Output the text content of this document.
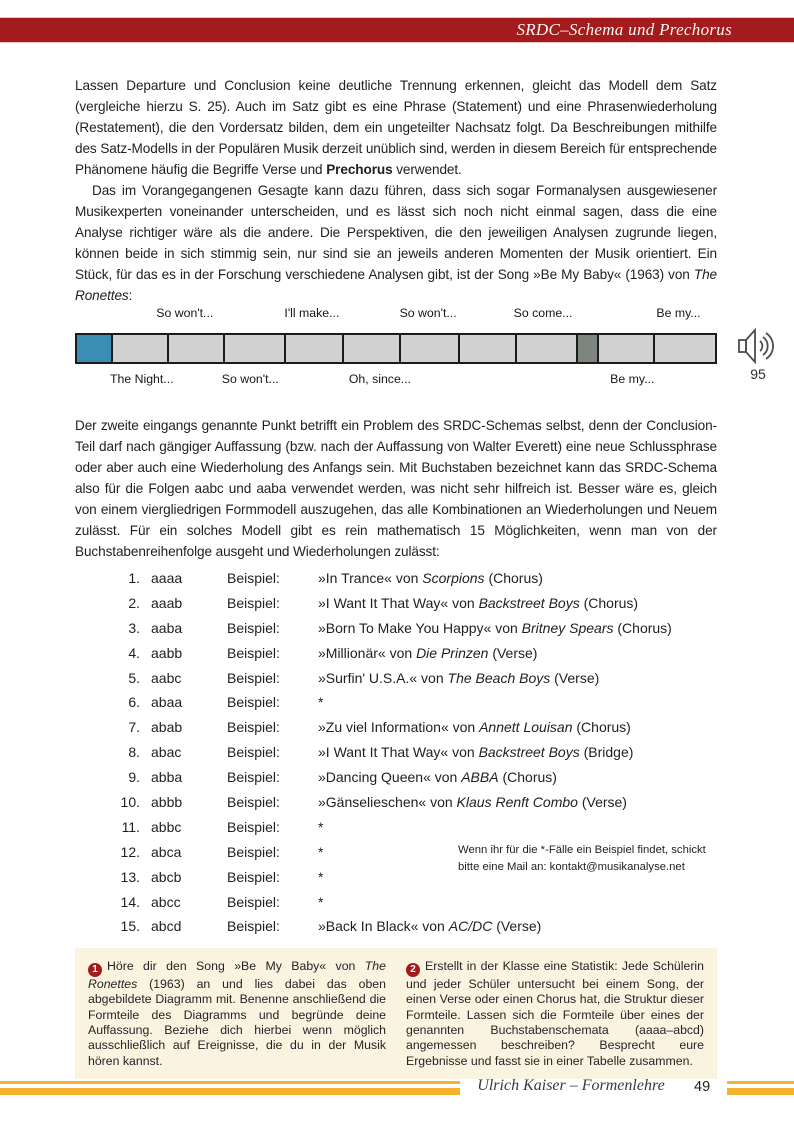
SRDC–Schema und Prechorus

Lassen Departure und Conclusion keine deutliche Trennung erkennen, gleicht das Modell dem Satz (vergleiche hierzu S. 25). Auch im Satz gibt es eine Phrase (Statement) und eine Phrasenwiederholung (Restatement), die den Vordersatz bilden, dem ein ungeteilter Nachsatz folgt. Da Beschreibungen mithilfe des Satz-Modells in der Populären Musik derzeit unüblich sind, werden in diesem Bereich für entsprechende Phänomene häufig die Begriffe Verse und Prechorus verwendet.

Das im Vorangegangenen Gesagte kann dazu führen, dass sich sogar Formanalysen ausgewiesener Musikexperten voneinander unterscheiden, und es lässt sich noch nicht einmal sagen, dass die eine Analyse richtiger wäre als die andere. Die Perspektiven, die den jeweiligen Analysen zugrunde liegen, können beide in sich stimmig sein, nur sind sie an jeweils anderen Momenten der Musik orientiert. Ein Stück, für das es in der Forschung verschiedene Analysen gibt, ist der Song »Be My Baby« (1963) von The Ronettes:

So won't...	I'll make...	So won't...	So come...	Be my...
The Night...	So won't...	Oh, since...	Be my...	95

Der zweite eingangs genannte Punkt betrifft ein Problem des SRDC-Schemas selbst, denn der Conclusion-Teil darf nach gängiger Auffassung (bzw. nach der Auffassung von Walter Everett) eine neue Schlussphrase oder aber auch eine Wiederholung des Anfangs sein. Mit Buchstaben bezeichnet kann das SRDC-Schema also für die Folgen aabc und aaba verwendet werden, was nicht sehr hilfreich ist. Besser wäre es, gleich von einem viergliedrigen Formmodell auszugehen, das alle Kombinationen an Wiederholungen und Neuem zulässt. Für ein solches Modell gibt es rein mathematisch 15 Möglichkeiten, wenn man von der Buchstabenreihenfolge ausgeht und Wiederholungen zulässt:

1. aaaa	Beispiel:	»In Trance« von Scorpions (Chorus)
2. aaab	Beispiel:	»I Want It That Way« von Backstreet Boys (Chorus)
3. aaba	Beispiel:	»Born To Make You Happy« von Britney Spears (Chorus)
4. aabb	Beispiel:	»Millionär« von Die Prinzen (Verse)
5. aabc	Beispiel:	»Surfin' U.S.A.« von The Beach Boys (Verse)
6. abaa	Beispiel:	*
7. abab	Beispiel:	»Zu viel Information« von Annett Louisan (Chorus)
8. abac	Beispiel:	»I Want It That Way« von Backstreet Boys (Bridge)
9. abba	Beispiel:	»Dancing Queen« von ABBA (Chorus)
10. abbb	Beispiel:	»Gänselieschen« von Klaus Renft Combo (Verse)
11. abbc	Beispiel:	*
12. abca	Beispiel:	*
13. abcb	Beispiel:	*
14. abcc	Beispiel:	*
15. abcd	Beispiel:	»Back In Black« von AC/DC (Verse)
Wenn ihr für die *-Fälle ein Beispiel findet, schickt bitte eine Mail an: kontakt@musikanalyse.net
1 Höre dir den Song »Be My Baby« von The Ronettes (1963) an und lies dabei das oben abgebildete Diagramm mit. Benenne anschließend die Formteile des Diagramms und begründe deine Auffassung. Beziehe dich hierbei wenn möglich ausschließlich auf Ereignisse, die du in der Musik hören kannst.
2 Erstellt in der Klasse eine Statistik: Jede Schülerin und jeder Schüler untersucht bei einem Song, der einen Verse oder einen Chorus hat, die Struktur dieser Formteile. Lassen sich die Formteile über eines der genannten Buchstabenschemata (aaaa–abcd) angemessen beschreiben? Besprecht eure Ergebnisse und fasst sie in einer Tabelle zusammen.
Ulrich Kaiser – Formenlehre	49
